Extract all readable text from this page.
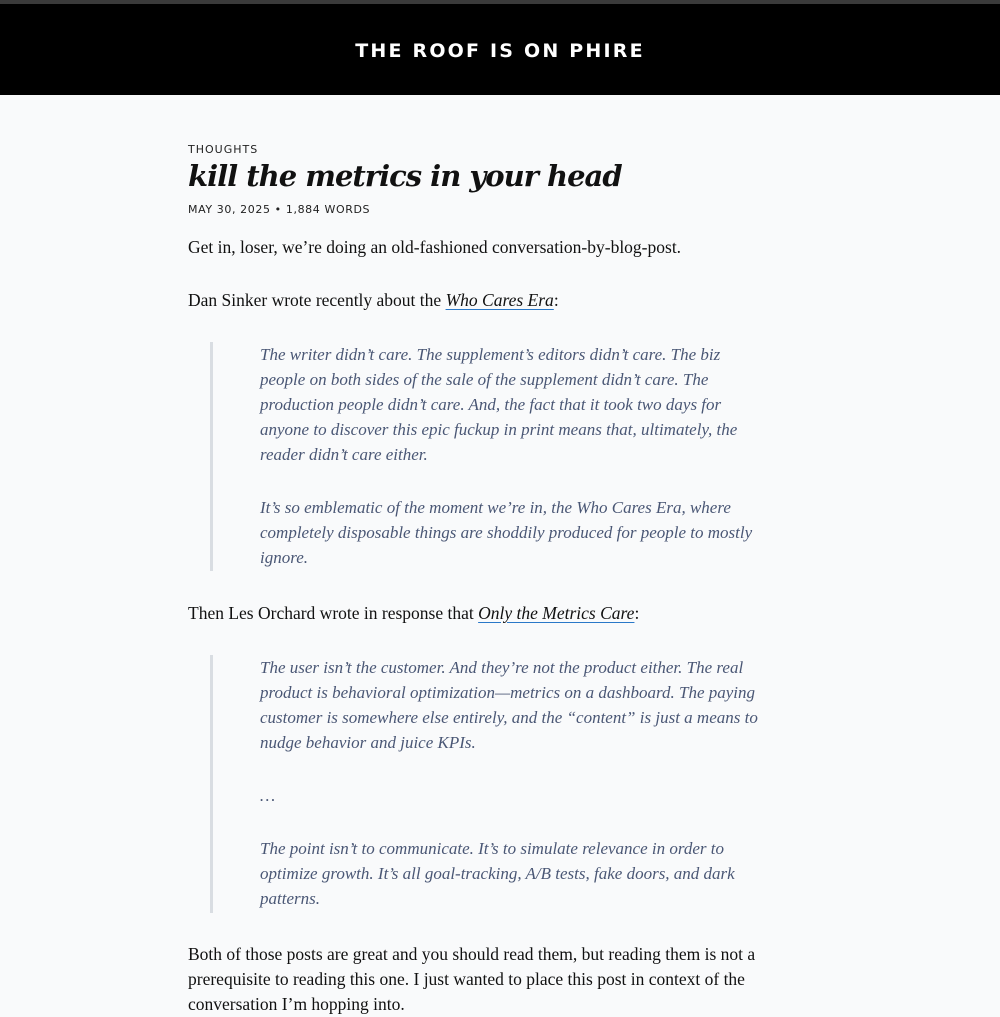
THE ROOF IS ON PHIRE
THOUGHTS
kill the metrics in your head
MAY 30, 2025 • 1,884 WORDS

Get in, loser, we’re doing an old-fashioned conversation-by-blog-post.

Dan Sinker wrote recently about the Who Cares Era:

The writer didn’t care. The supplement’s editors didn’t care. The biz people on both sides of the sale of the supplement didn’t care. The production people didn’t care. And, the fact that it took two days for anyone to discover this epic fuckup in print means that, ultimately, the reader didn’t care either.

It’s so emblematic of the moment we’re in, the Who Cares Era, where completely disposable things are shoddily produced for people to mostly ignore.

Then Les Orchard wrote in response that Only the Metrics Care:

The user isn’t the customer. And they’re not the product either. The real product is behavioral optimization—metrics on a dashboard. The paying customer is somewhere else entirely, and the “content” is just a means to nudge behavior and juice KPIs.

…

The point isn’t to communicate. It’s to simulate relevance in order to optimize growth. It’s all goal-tracking, A/B tests, fake doors, and dark patterns.

Both of those posts are great and you should read them, but reading them is not a prerequisite to reading this one. I just wanted to place this post in context of the conversation I’m hopping into.
